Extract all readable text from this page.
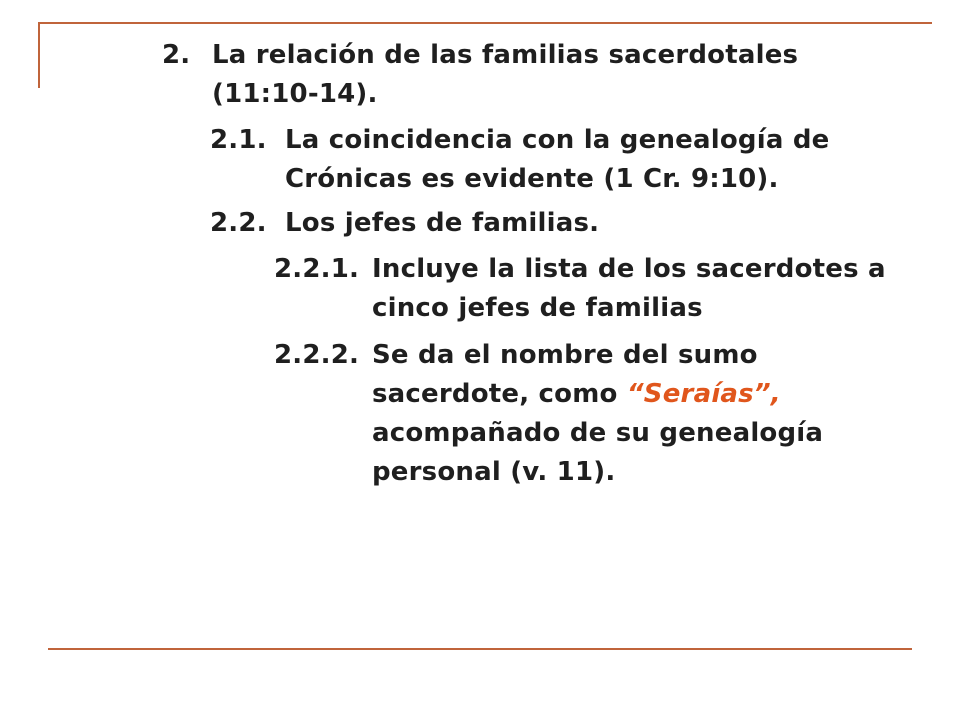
2. La relación de las familias sacerdotales (11:10-14).
2.1. La coincidencia con la genealogía de Crónicas es evidente (1 Cr. 9:10).
2.2. Los jefes de familias.
2.2.1. Incluye la lista de los sacerdotes a cinco jefes de familias
2.2.2. Se da el nombre del sumo sacerdote, como “Seraías”, acompañado de su genealogía personal (v. 11).
